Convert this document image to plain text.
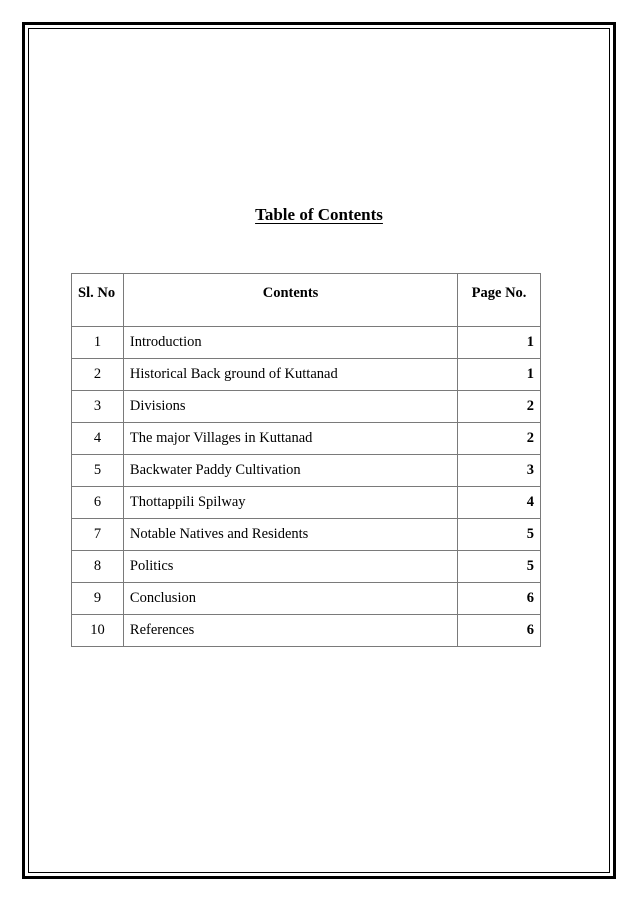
Table of Contents
Sl. No	Contents	Page No.
1	Introduction	1
2	Historical Back ground of Kuttanad	1
3	Divisions	2
4	The major Villages in Kuttanad	2
5	Backwater Paddy Cultivation	3
6	Thottappili Spilway	4
7	Notable Natives and Residents	5
8	Politics	5
9	Conclusion	6
10	References	6
